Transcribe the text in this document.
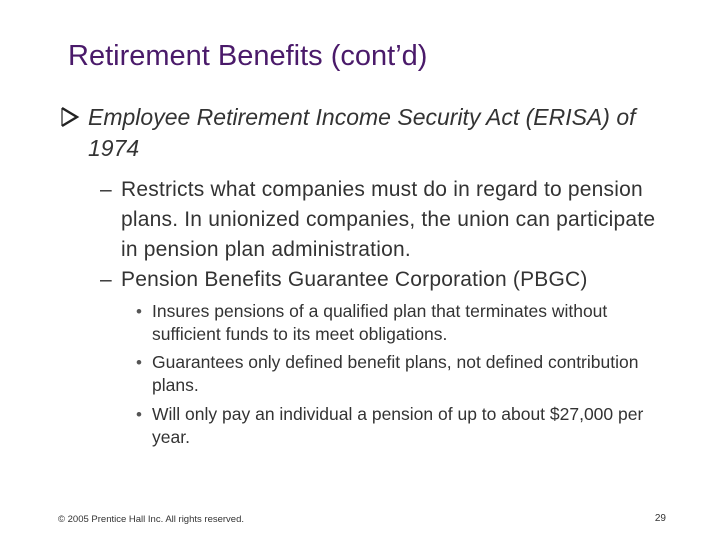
Retirement Benefits (cont’d)
Employee Retirement Income Security Act (ERISA) of 1974
– Restricts what companies must do in regard to pension plans. In unionized companies, the union can participate in pension plan administration.
– Pension Benefits Guarantee Corporation (PBGC)
• Insures pensions of a qualified plan that terminates without sufficient funds to its meet obligations.
• Guarantees only defined benefit plans, not defined contribution plans.
• Will only pay an individual a pension of up to about $27,000 per year.
© 2005 Prentice Hall Inc. All rights reserved.	29
